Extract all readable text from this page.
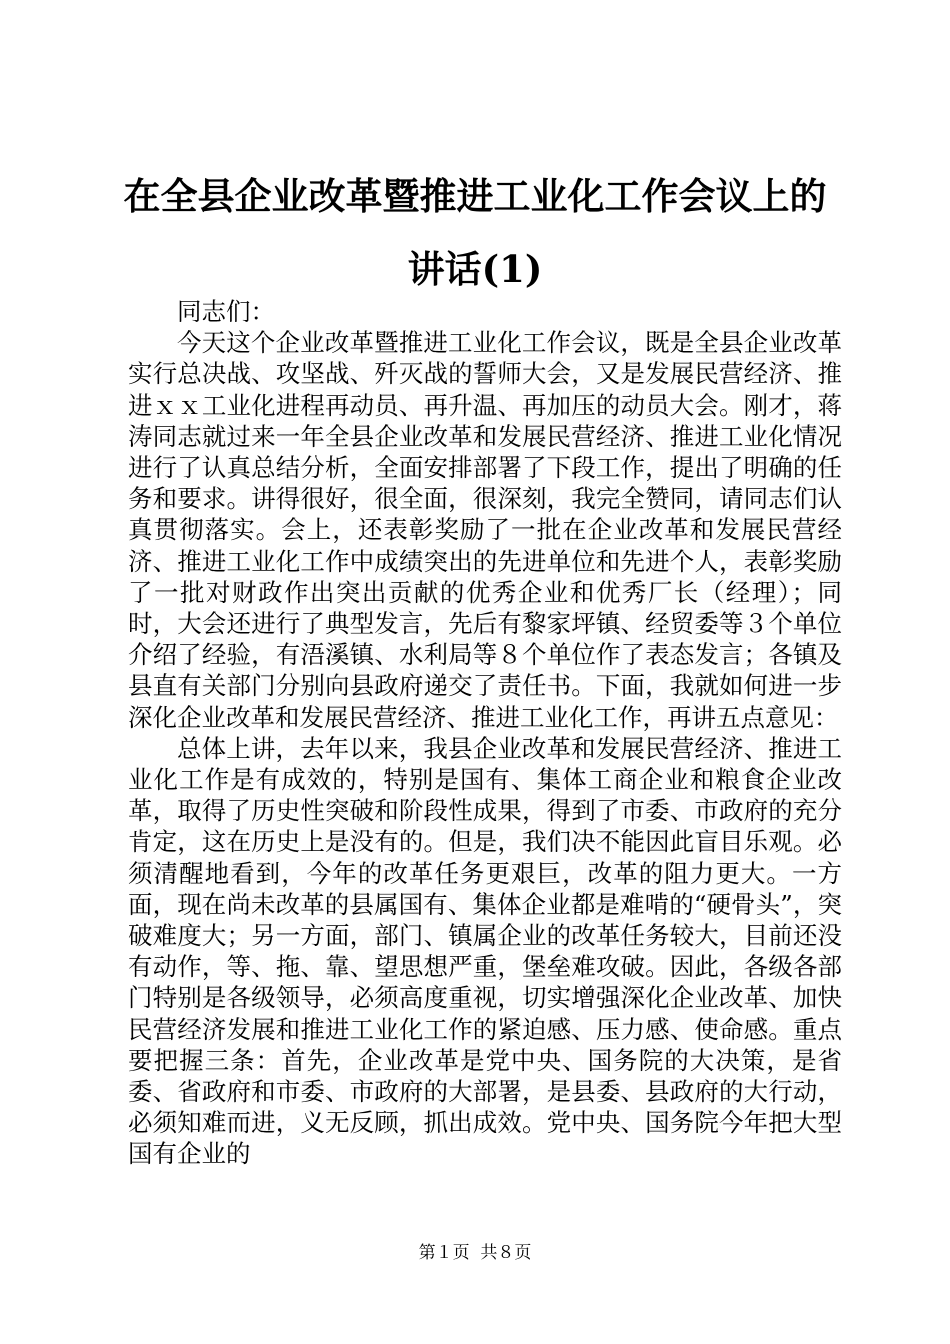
在全县企业改革暨推进工业化工作会议上的讲话(1)

同志们：

今天这个企业改革暨推进工业化工作会议，既是全县企业改革实行总决战、攻坚战、歼灭战的誓师大会，又是发展民营经济、推进ｘｘ工业化进程再动员、再升温、再加压的动员大会。刚才，蒋涛同志就过来一年全县企业改革和发展民营经济、推进工业化情况进行了认真总结分析，全面安排部署了下段工作，提出了明确的任务和要求。讲得很好，很全面，很深刻，我完全赞同，请同志们认真贯彻落实。会上，还表彰奖励了一批在企业改革和发展民营经济、推进工业化工作中成绩突出的先进单位和先进个人，表彰奖励了一批对财政作出突出贡献的优秀企业和优秀厂长（经理）；同时，大会还进行了典型发言，先后有黎家坪镇、经贸委等３个单位介绍了经验，有浯溪镇、水利局等８个单位作了表态发言；各镇及县直有关部门分别向县政府递交了责任书。下面，我就如何进一步深化企业改革和发展民营经济、推进工业化工作，再讲五点意见：

总体上讲，去年以来，我县企业改革和发展民营经济、推进工业化工作是有成效的，特别是国有、集体工商企业和粮食企业改革，取得了历史性突破和阶段性成果，得到了市委、市政府的充分肯定，这在历史上是没有的。但是，我们决不能因此盲目乐观。必须清醒地看到，今年的改革任务更艰巨，改革的阻力更大。一方面，现在尚未改革的县属国有、集体企业都是难啃的“硬骨头”，突破难度大；另一方面，部门、镇属企业的改革任务较大，目前还没有动作，等、拖、靠、望思想严重，堡垒难攻破。因此，各级各部门特别是各级领导，必须高度重视，切实增强深化企业改革、加快民营经济发展和推进工业化工作的紧迫感、压力感、使命感。重点要把握三条：首先，企业改革是党中央、国务院的大决策，是省委、省政府和市委、市政府的大部署，是县委、县政府的大行动，必须知难而进，义无反顾，抓出成效。党中央、国务院今年把大型国有企业的

第１页 共８页
